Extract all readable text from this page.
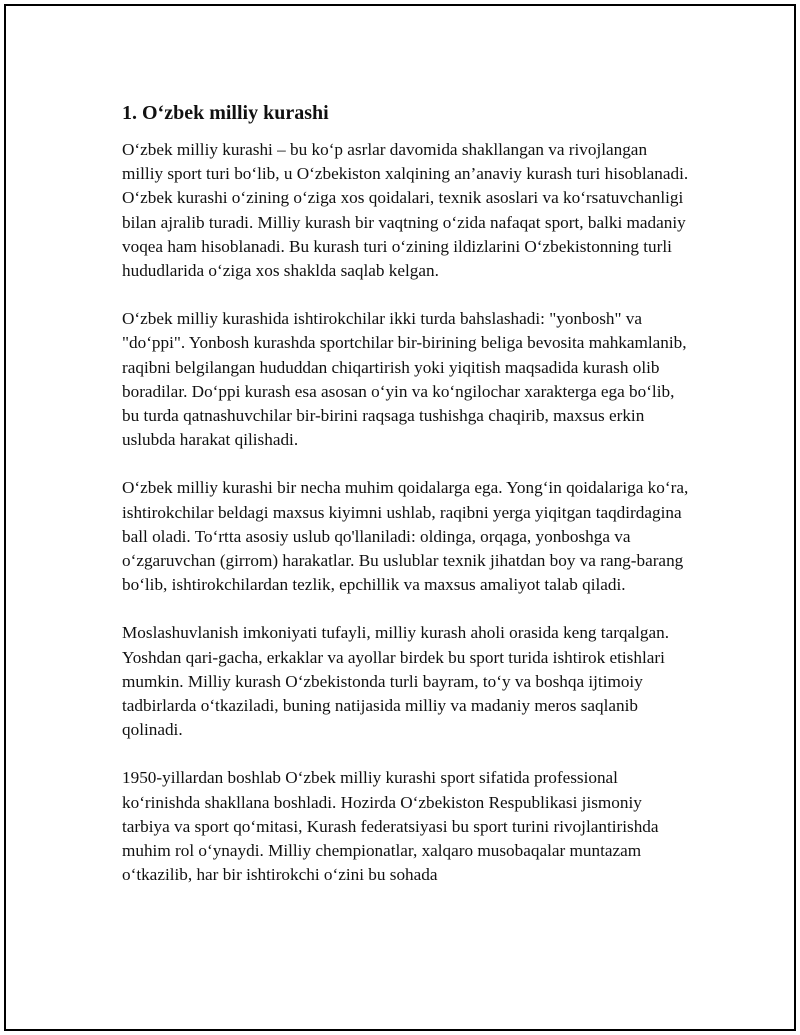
1. O‘zbek milliy kurashi

O‘zbek milliy kurashi – bu ko‘p asrlar davomida shakllangan va rivojlangan milliy sport turi bo‘lib, u O‘zbekiston xalqining an’anaviy kurash turi hisoblanadi. O‘zbek kurashi o‘zining o‘ziga xos qoidalari, texnik asoslari va ko‘rsatuvchanligi bilan ajralib turadi. Milliy kurash bir vaqtning o‘zida nafaqat sport, balki madaniy voqea ham hisoblanadi. Bu kurash turi o‘zining ildizlarini O‘zbekistonning turli hududlarida o‘ziga xos shaklda saqlab kelgan.

O‘zbek milliy kurashida ishtirokchilar ikki turda bahslashadi: "yonbosh" va "do‘ppi". Yonbosh kurashda sportchilar bir-birining beliga bevosita mahkamlanib, raqibni belgilangan hududdan chiqartirish yoki yiqitish maqsadida kurash olib boradilar. Do‘ppi kurash esa asosan o‘yin va ko‘ngilochar xarakterga ega bo‘lib, bu turda qatnashuvchilar bir-birini raqsaga tushishga chaqirib, maxsus erkin uslubda harakat qilishadi.

O‘zbek milliy kurashi bir necha muhim qoidalarga ega. Yong‘in qoidalariga ko‘ra, ishtirokchilar beldagi maxsus kiyimni ushlab, raqibni yerga yiqitgan taqdirdagina ball oladi. To‘rtta asosiy uslub qo'llaniladi: oldinga, orqaga, yonboshga va o‘zgaruvchan (girrom) harakatlar. Bu uslublar texnik jihatdan boy va rang-barang bo‘lib, ishtirokchilardan tezlik, epchillik va maxsus amaliyot talab qiladi.

Moslashuvlanish imkoniyati tufayli, milliy kurash aholi orasida keng tarqalgan. Yoshdan qari-gacha, erkaklar va ayollar birdek bu sport turida ishtirok etishlari mumkin. Milliy kurash O‘zbekistonda turli bayram, to‘y va boshqa ijtimoiy tadbirlarda o‘tkaziladi, buning natijasida milliy va madaniy meros saqlanib qolinadi.

1950-yillardan boshlab O‘zbek milliy kurashi sport sifatida professional ko‘rinishda shakllana boshladi. Hozirda O‘zbekiston Respublikasi jismoniy tarbiya va sport qo‘mitasi, Kurash federatsiyasi bu sport turini rivojlantirishda muhim rol o‘ynaydi. Milliy chempionatlar, xalqaro musobaqalar muntazam o‘tkazilib, har bir ishtirokchi o‘zini bu sohada
